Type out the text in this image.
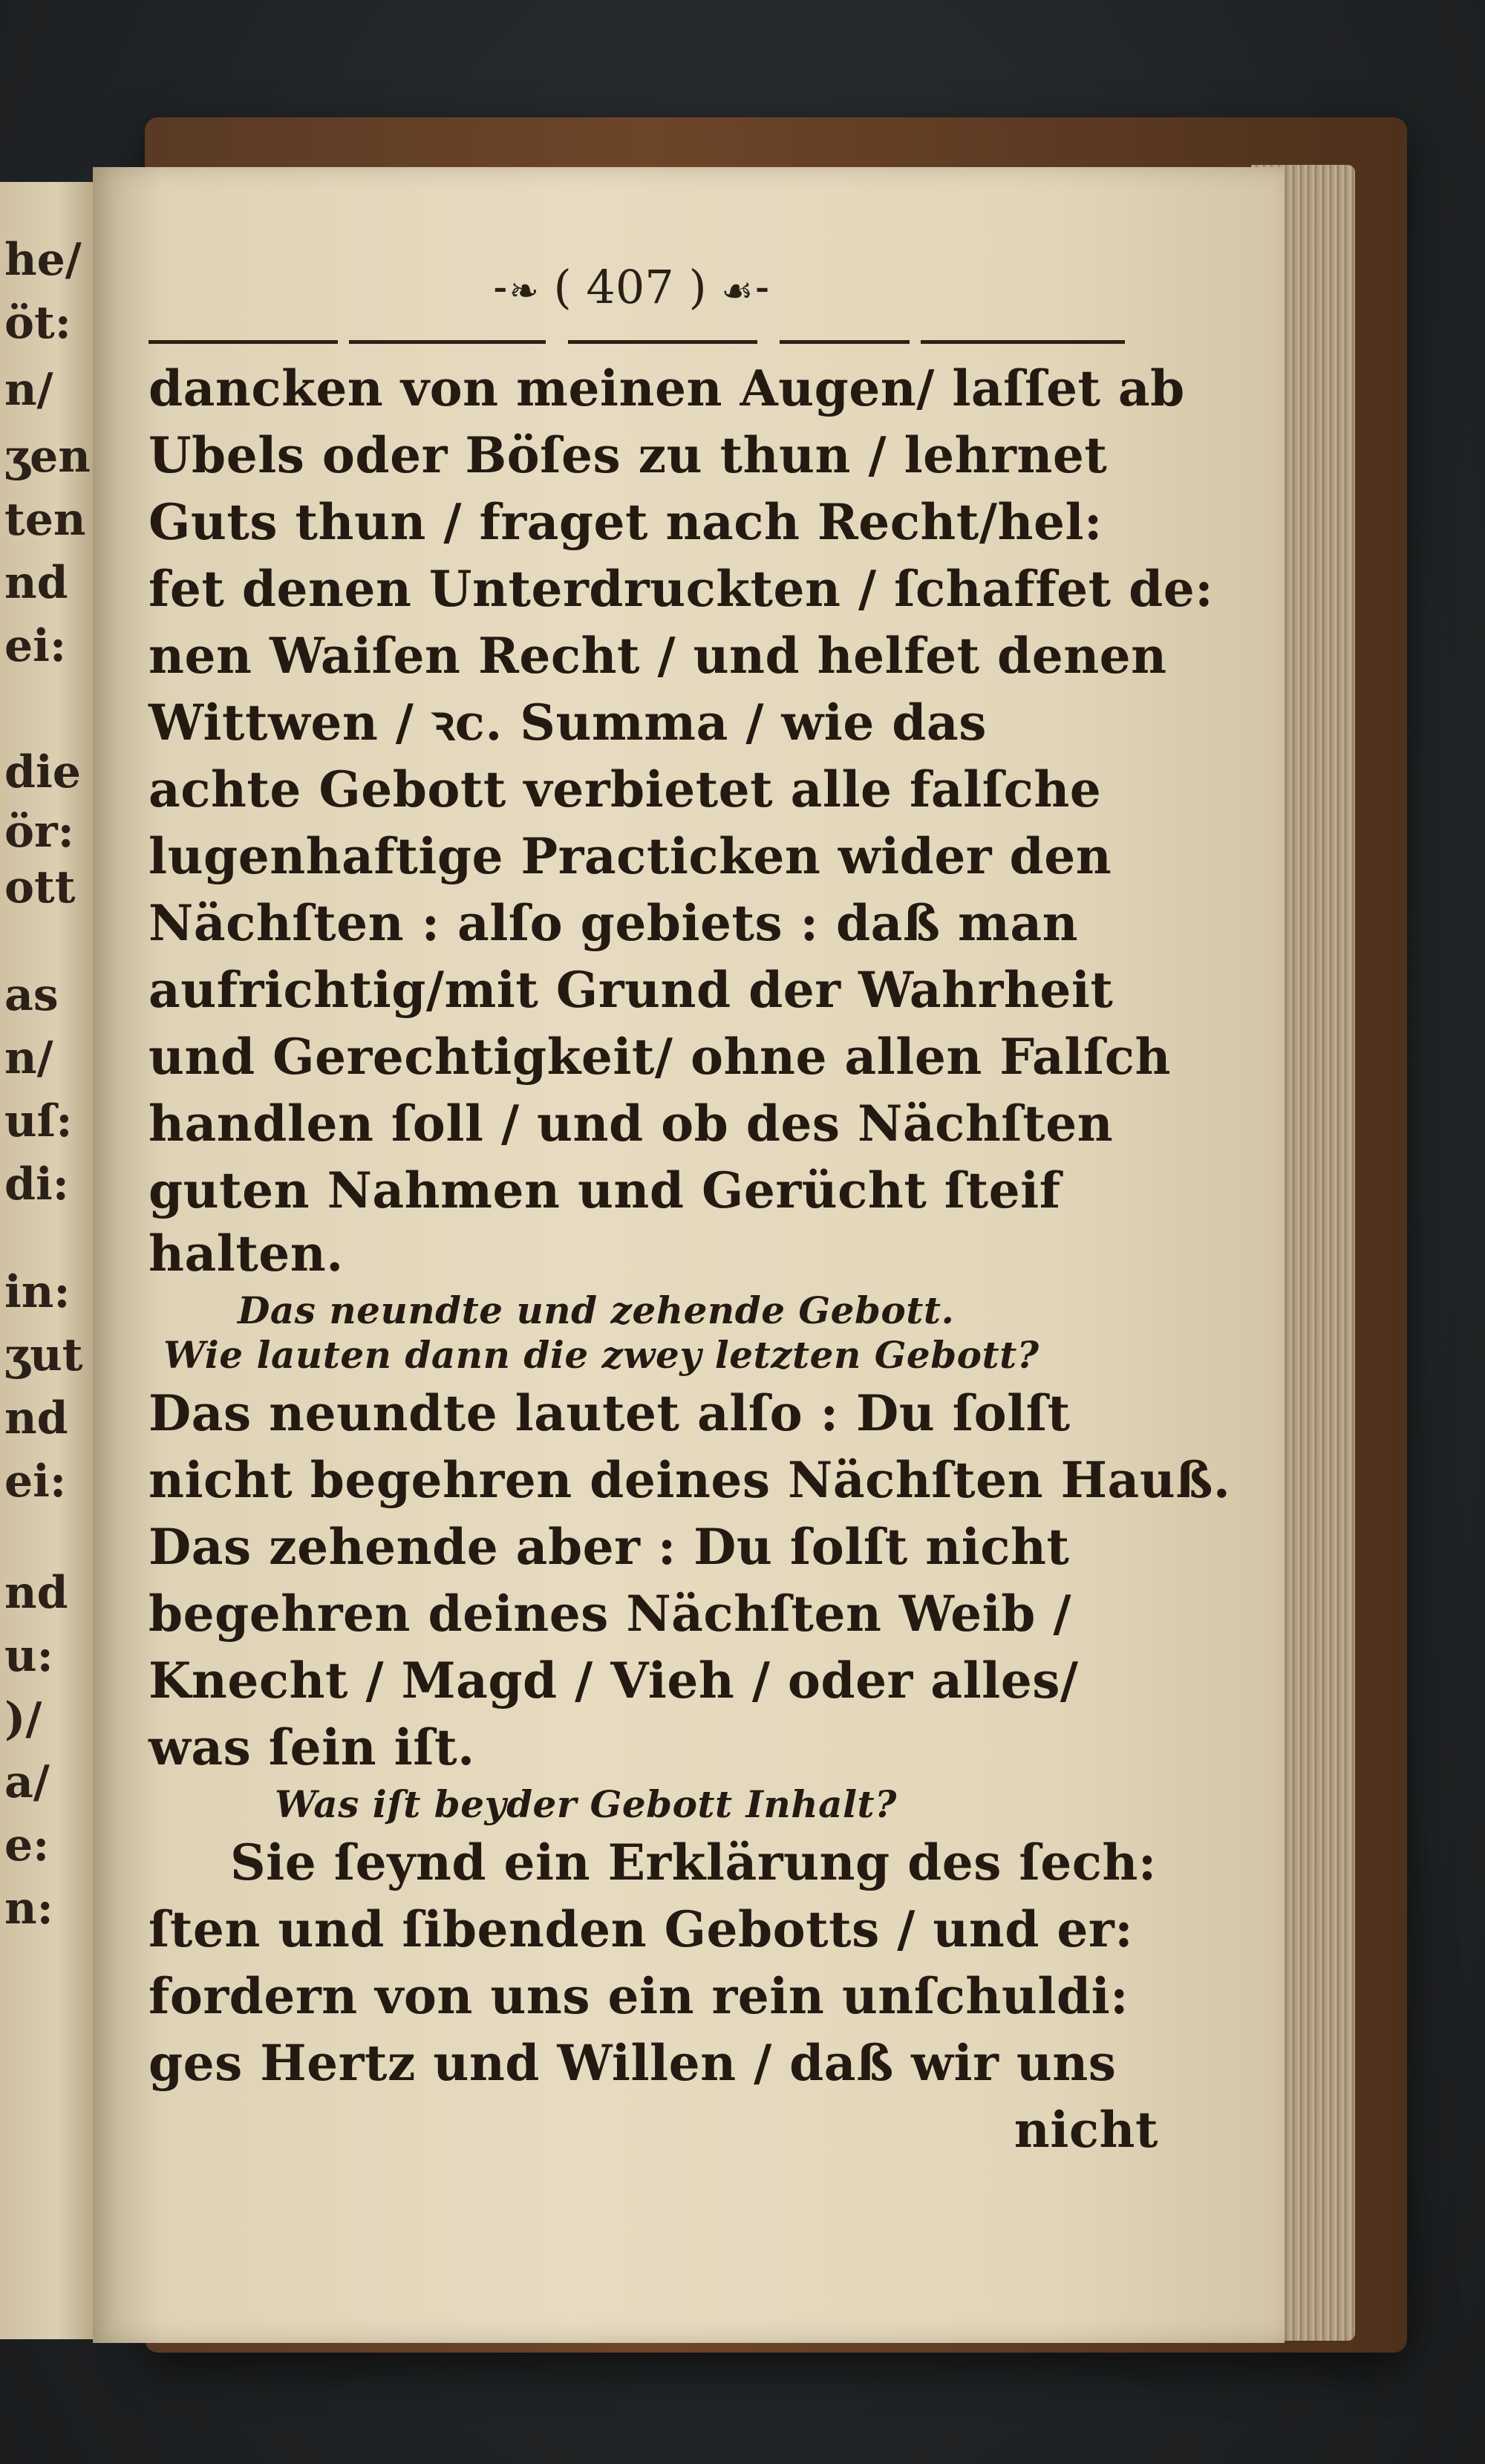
he/
öt:
n/
ʒen
ten
nd
ei:
die
ör:
ott
as
n/
uſ:
di:
in:
ʒut
nd
ei:
nd
u:
)/
a/
e:
n:
⁃❧ ( 407 ) ☙⁃
dancken von meinen Augen/ laſſet ab
Ubels oder Böſes zu thun / lehrnet
Guts thun / fraget nach Recht/hel:
fet denen Unterdruckten / ſchaffet de:
nen Waiſen Recht / und helfet denen
Wittwen / ꝛc. Summa / wie das
achte Gebott verbietet alle falſche
lugenhaftige Practicken wider den
Nächſten : alſo gebiets : daß man
aufrichtig/mit Grund der Wahrheit
und Gerechtigkeit/ ohne allen Falſch
handlen ſoll / und ob des Nächſten
guten Nahmen und Gerücht ſteif
halten.
Das neundte und zehende Gebott.
Wie lauten dann die zwey letzten Gebott?
Das neundte lautet alſo : Du ſolſt
nicht begehren deines Nächſten Hauß.
Das zehende aber : Du ſolſt nicht
begehren deines Nächſten Weib /
Knecht / Magd / Vieh / oder alles/
was ſein iſt.
Was iſt beyder Gebott Inhalt?
Sie ſeynd ein Erklärung des ſech:
ſten und ſibenden Gebotts / und er:
fordern von uns ein rein unſchuldi:
ges Hertz und Willen / daß wir uns
nicht
